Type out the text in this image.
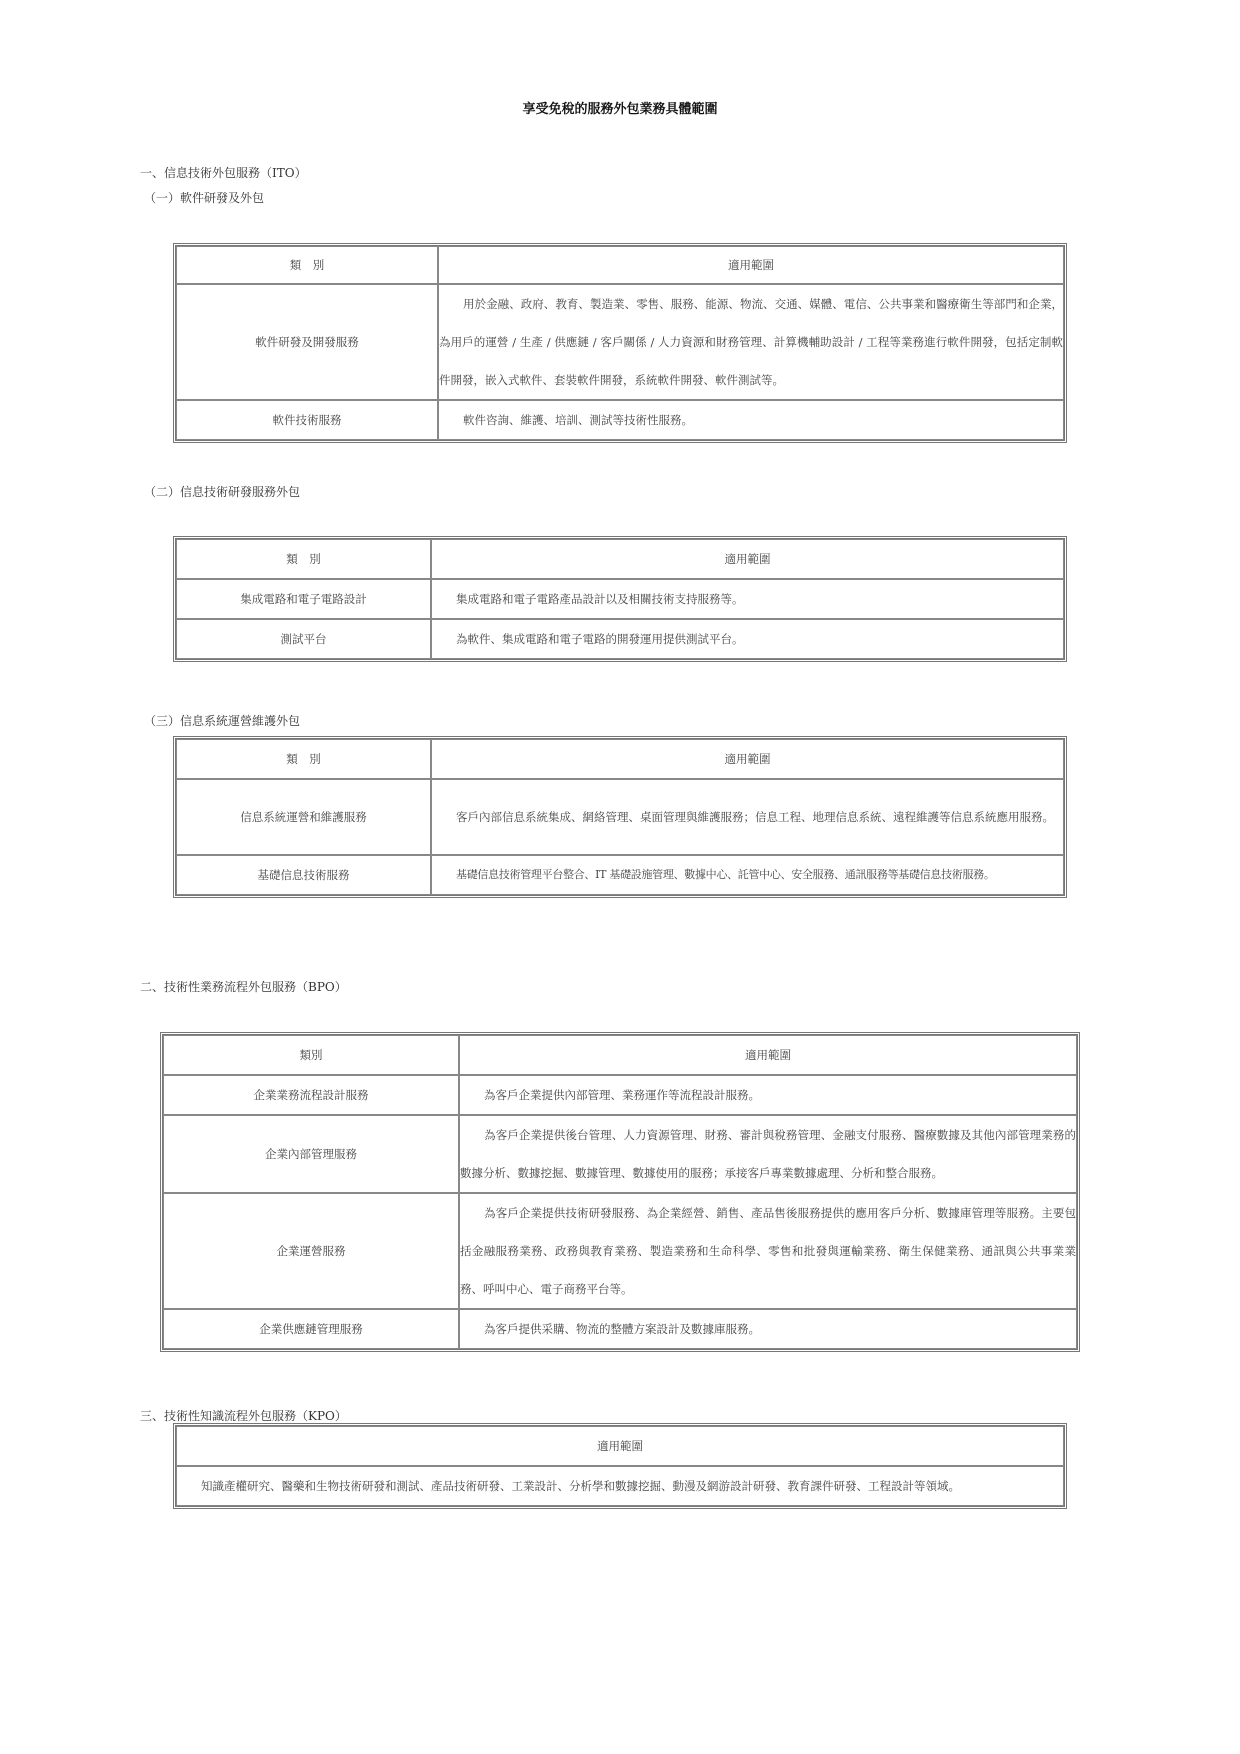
享受免稅的服務外包業務具體範圍
一、信息技術外包服務（ITO）
（一）軟件研發及外包
類　別	適用範圍
軟件研發及開發服務	用於金融、政府、教育、製造業、零售、服務、能源、物流、交通、媒體、電信、公共事業和醫療衛生等部門和企業，為用戶的運營 / 生產 / 供應鏈 / 客戶關係 / 人力資源和財務管理、計算機輔助設計 / 工程等業務進行軟件開發，包括定制軟件開發，嵌入式軟件、套裝軟件開發，系統軟件開發、軟件測試等。
軟件技術服務	軟件咨詢、維護、培訓、測試等技術性服務。
（二）信息技術研發服務外包
類　別	適用範圍
集成電路和電子電路設計	集成電路和電子電路產品設計以及相關技術支持服務等。
測試平台	為軟件、集成電路和電子電路的開發運用提供測試平台。
（三）信息系統運營維護外包
類　別	適用範圍
信息系統運營和維護服務	客戶內部信息系統集成、網絡管理、桌面管理與維護服務；信息工程、地理信息系統、遠程維護等信息系統應用服務。
基礎信息技術服務	基礎信息技術管理平台整合、IT 基礎設施管理、數據中心、託管中心、安全服務、通訊服務等基礎信息技術服務。
二、技術性業務流程外包服務（BPO）
類別	適用範圍
企業業務流程設計服務	為客戶企業提供內部管理、業務運作等流程設計服務。
企業內部管理服務	為客戶企業提供後台管理、人力資源管理、財務、審計與稅務管理、金融支付服務、醫療數據及其他內部管理業務的數據分析、數據挖掘、數據管理、數據使用的服務；承接客戶專業數據處理、分析和整合服務。
企業運營服務	為客戶企業提供技術研發服務、為企業經營、銷售、產品售後服務提供的應用客戶分析、數據庫管理等服務。主要包括金融服務業務、政務與教育業務、製造業務和生命科學、零售和批發與運輸業務、衛生保健業務、通訊與公共事業業務、呼叫中心、電子商務平台等。
企業供應鏈管理服務	為客戶提供采購、物流的整體方案設計及數據庫服務。
三、技術性知識流程外包服務（KPO）
適用範圍
知識產權研究、醫藥和生物技術研發和測試、產品技術研發、工業設計、分析學和數據挖掘、動漫及網游設計研發、教育課件研發、工程設計等領域。
